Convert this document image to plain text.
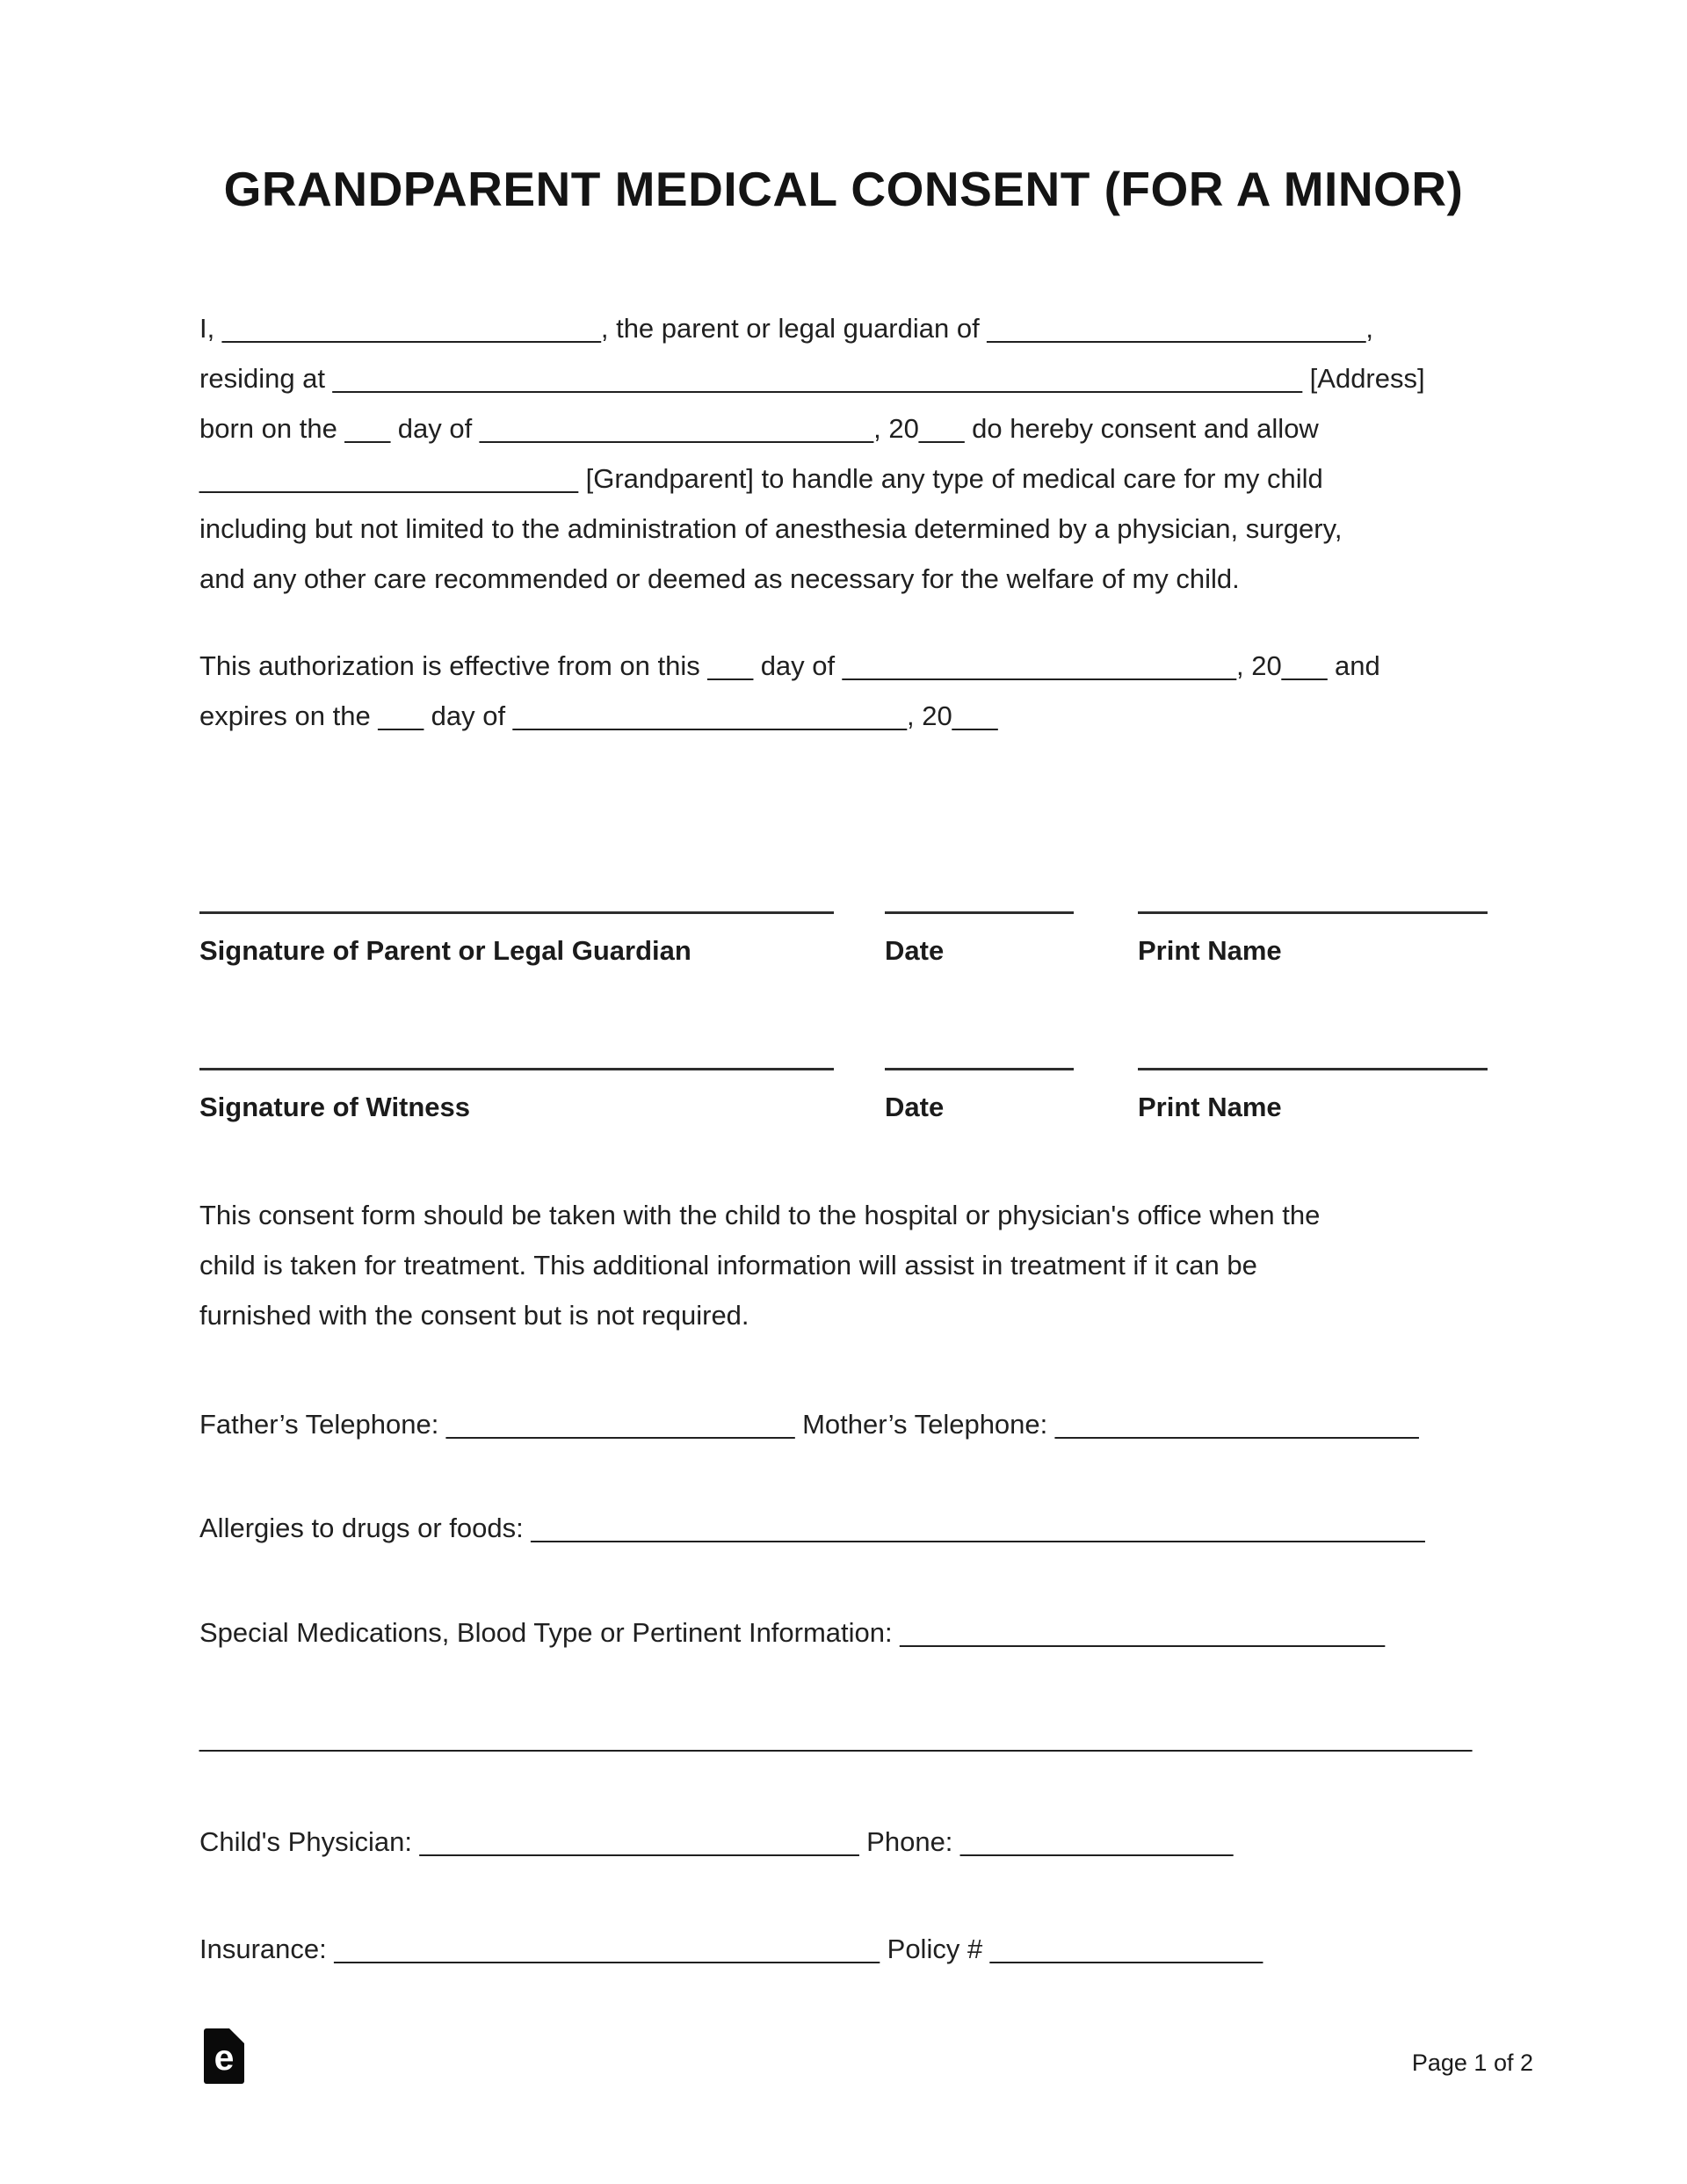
GRANDPARENT MEDICAL CONSENT (FOR A MINOR)
I, _________________________, the parent or legal guardian of _________________________,
residing at ________________________________________________________________ [Address]
born on the ___ day of __________________________, 20___ do hereby consent and allow
_________________________ [Grandparent] to handle any type of medical care for my child
including but not limited to the administration of anesthesia determined by a physician, surgery,
and any other care recommended or deemed as necessary for the welfare of my child.
This authorization is effective from on this ___ day of __________________________, 20___ and
expires on the ___ day of __________________________, 20___
Signature of Parent or Legal Guardian	Date	Print Name
Signature of Witness	Date	Print Name
This consent form should be taken with the child to the hospital or physician's office when the
child is taken for treatment. This additional information will assist in treatment if it can be
furnished with the consent but is not required.
Father’s Telephone: _______________________ Mother’s Telephone: ________________________
Allergies to drugs or foods: ___________________________________________________________
Special Medications, Blood Type or Pertinent Information: ________________________________
____________________________________________________________________________________
Child's Physician: _____________________________ Phone: __________________
Insurance: ____________________________________ Policy # __________________
e	Page 1 of 2
